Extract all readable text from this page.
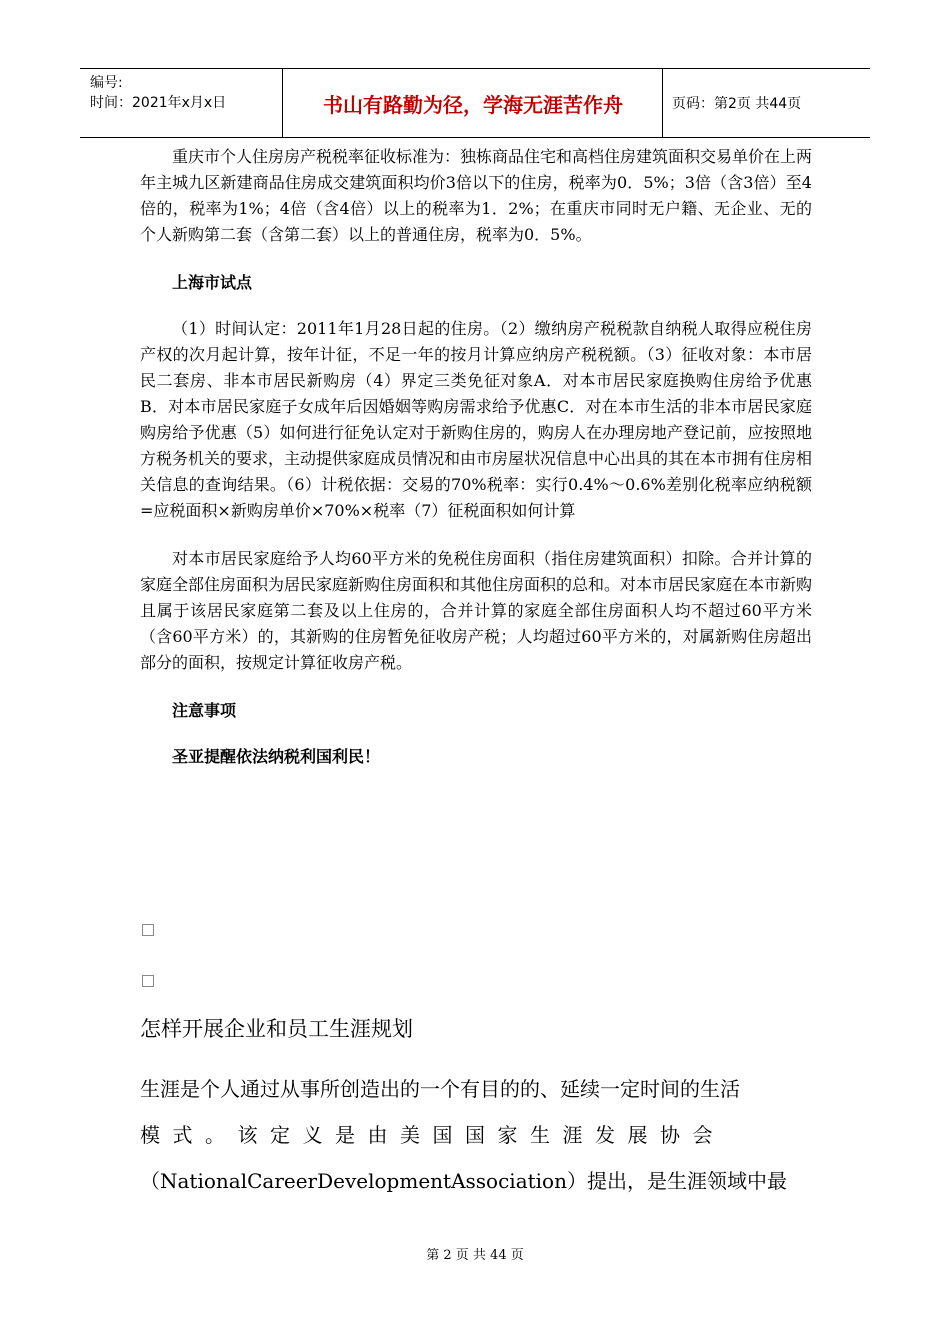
编号:
时间：2021年x月x日	书山有路勤为径，学海无涯苦作舟	页码：第2页 共44页

重庆市个人住房房产税税率征收标准为：独栋商品住宅和高档住房建筑面积交易单价在上两年主城九区新建商品住房成交建筑面积均价3倍以下的住房，税率为0．5%；3倍（含3倍）至4倍的，税率为1%；4倍（含4倍）以上的税率为1．2%；在重庆市同时无户籍、无企业、无的个人新购第二套（含第二套）以上的普通住房，税率为0．5%。

上海市试点

（1）时间认定：2011年1月28日起的住房。（2）缴纳房产税税款自纳税人取得应税住房产权的次月起计算，按年计征，不足一年的按月计算应纳房产税税额。（3）征收对象：本市居民二套房、非本市居民新购房（4）界定三类免征对象A．对本市居民家庭换购住房给予优惠B．对本市居民家庭子女成年后因婚姻等购房需求给予优惠C．对在本市生活的非本市居民家庭购房给予优惠（5）如何进行征免认定对于新购住房的，购房人在办理房地产登记前，应按照地方税务机关的要求，主动提供家庭成员情况和由市房屋状况信息中心出具的其在本市拥有住房相关信息的查询结果。（6）计税依据：交易的70%税率：实行0.4%～0.6%差别化税率应纳税额=应税面积×新购房单价×70%×税率（7）征税面积如何计算

对本市居民家庭给予人均60平方米的免税住房面积（指住房建筑面积）扣除。合并计算的家庭全部住房面积为居民家庭新购住房面积和其他住房面积的总和。对本市居民家庭在本市新购且属于该居民家庭第二套及以上住房的，合并计算的家庭全部住房面积人均不超过60平方米（含60平方米）的，其新购的住房暂免征收房产税；人均超过60平方米的，对属新购住房超出部分的面积，按规定计算征收房产税。

注意事项

圣亚提醒依法纳税利国利民！

怎样开展企业和员工生涯规划
生涯是个人通过从事所创造出的一个有目的的、延续一定时间的生活
模式。该定义是由美国国家生涯发展协会
（NationalCareerDevelopmentAssociation）提出，是生涯领域中最
第 2 页 共 44 页
